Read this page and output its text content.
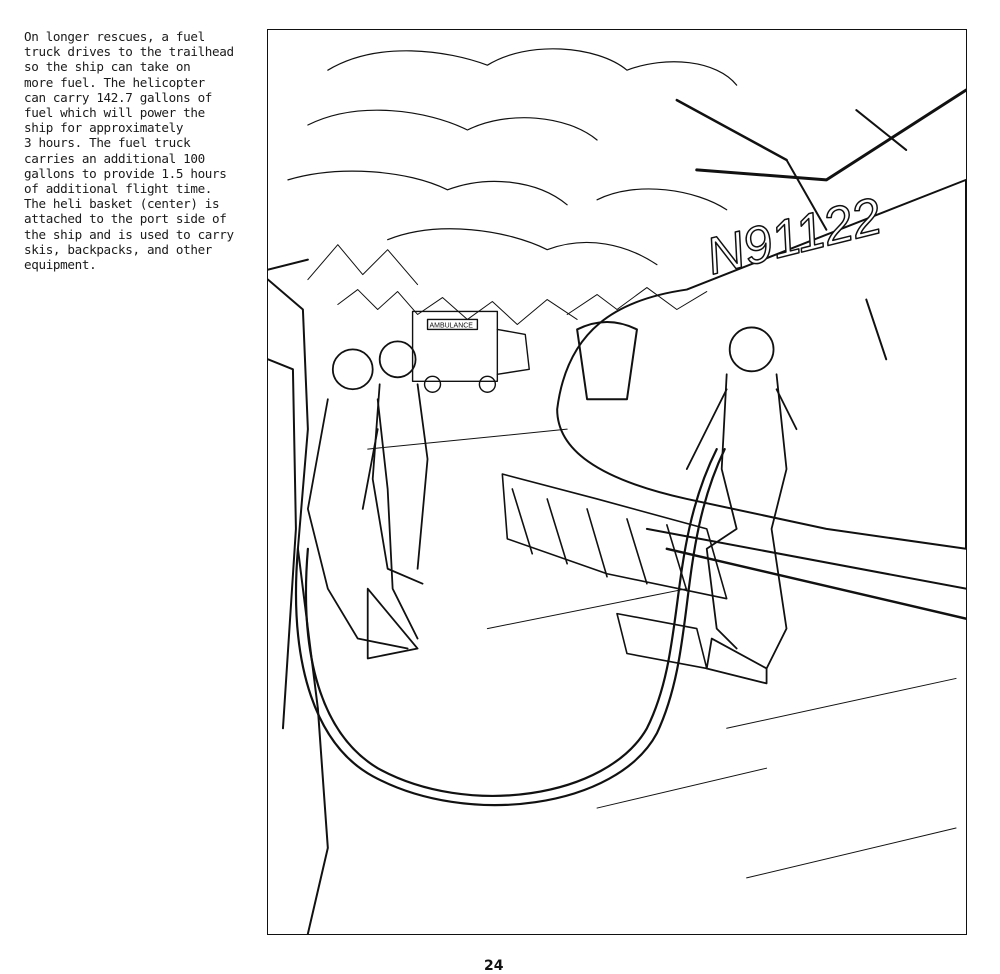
On longer rescues, a fuel
truck drives to the trailhead
so the ship can take on
more fuel. The helicopter
can carry 142.7 gallons of
fuel which will power the
ship for approximately
3 hours. The fuel truck
carries an additional 100
gallons to provide 1.5 hours
of additional flight time.
The heli basket (center) is
attached to the port side of
the ship and is used to carry
skis, backpacks, and other
equipment.
AMBULANCE
N91122
24
